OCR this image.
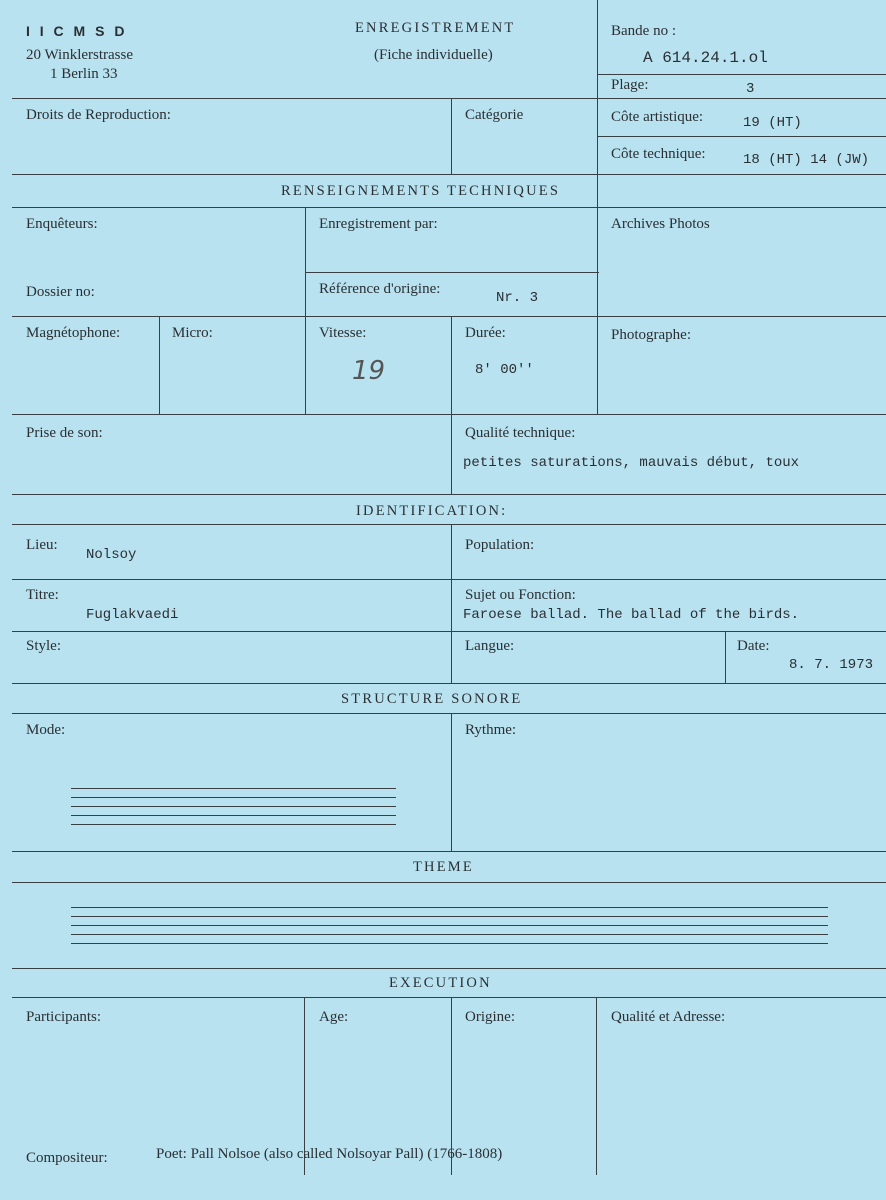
I I C M S D
20 Winklerstrasse
1 Berlin 33
ENREGISTREMENT
(Fiche individuelle)
Bande no :
A 614.24.1.ol
Plage:	3
Droits de Reproduction:	Catégorie	Côte artistique:	19 (HT)
Côte technique:	18 (HT) 14 (JW)
RENSEIGNEMENTS TECHNIQUES
Enquêteurs:	Enregistrement par:	Archives Photos
Dossier no:	Référence d'origine:
Nr. 3
Magnétophone:	Micro:	Vitesse:
19
Durée:
8' 00''
Photographe:
Prise de son:	Qualité technique:
petites saturations, mauvais début, toux
IDENTIFICATION:
Lieu:
Nolsoy
Population:
Titre:
Fuglakvaedi
Sujet ou Fonction:
Faroese ballad. The ballad of the birds.
Style:	Langue:	Date:
8. 7. 1973
STRUCTURE SONORE
Mode:	Rythme:
THEME
EXECUTION
Participants:	Age:	Origine:	Qualité et Adresse:
Compositeur:	Poet: Pall Nolsoe (also called Nolsoyar Pall) (1766-1808)
